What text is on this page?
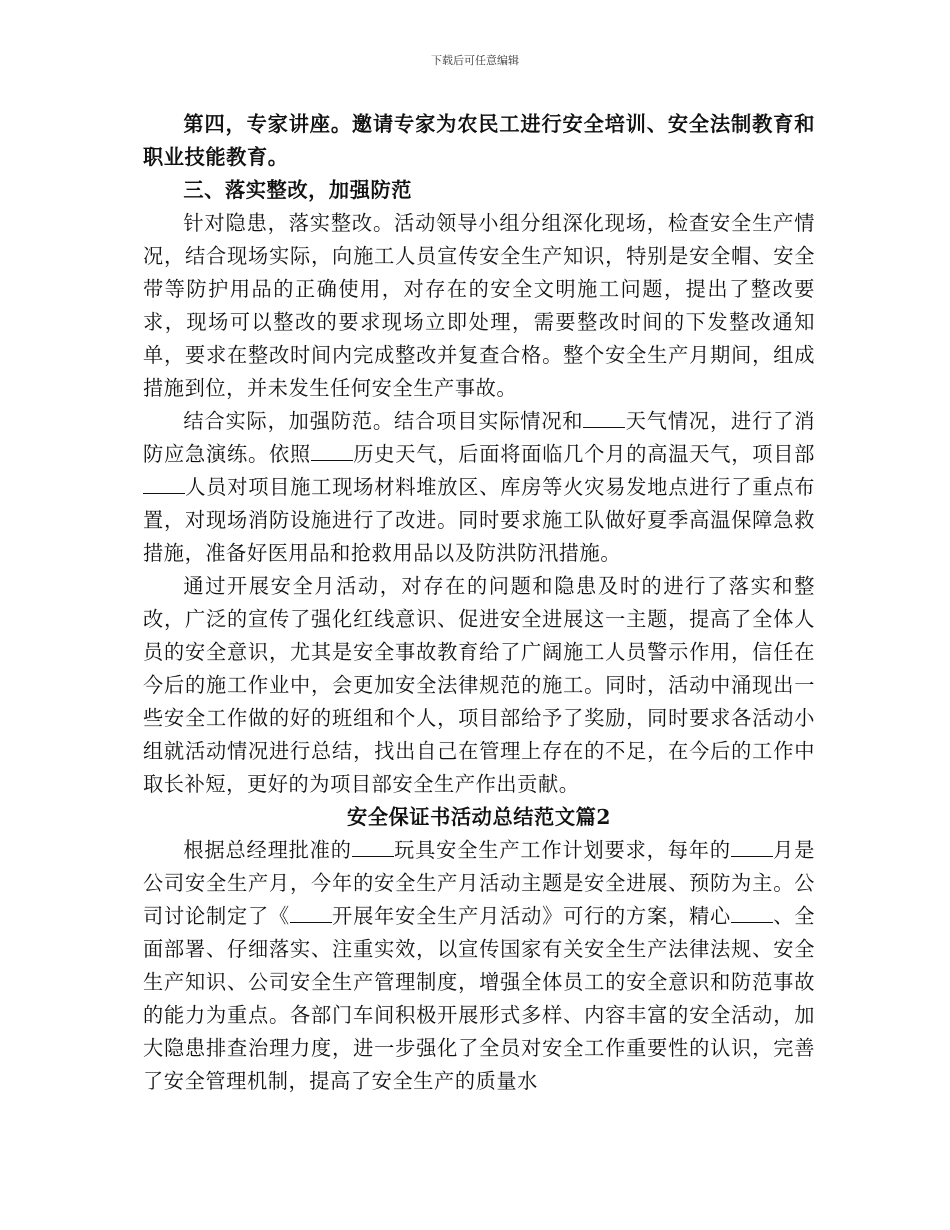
下载后可任意编辑

第四，专家讲座。邀请专家为农民工进行安全培训、安全法制教育和职业技能教育。

三、落实整改，加强防范

针对隐患，落实整改。活动领导小组分组深化现场，检查安全生产情况，结合现场实际，向施工人员宣传安全生产知识，特别是安全帽、安全带等防护用品的正确使用，对存在的安全文明施工问题，提出了整改要求，现场可以整改的要求现场立即处理，需要整改时间的下发整改通知单，要求在整改时间内完成整改并复查合格。整个安全生产月期间，组成措施到位，并未发生任何安全生产事故。

结合实际，加强防范。结合项目实际情况和 天气情况，进行了消防应急演练。依照 历史天气，后面将面临几个月的高温天气，项目部人员对项目施工现场材料堆放区、库房等火灾易发地点进行了重点布置，对现场消防设施进行了改进。同时要求施工队做好夏季高温保障急救措施，准备好医用品和抢救用品以及防洪防汛措施。

通过开展安全月活动，对存在的问题和隐患及时的进行了落实和整改，广泛的宣传了强化红线意识、促进安全进展这一主题，提高了全体人员的安全意识，尤其是安全事故教育给了广阔施工人员警示作用，信任在今后的施工作业中，会更加安全法律规范的施工。同时，活动中涌现出一些安全工作做的好的班组和个人，项目部给予了奖励，同时要求各活动小组就活动情况进行总结，找出自己在管理上存在的不足，在今后的工作中取长补短，更好的为项目部安全生产作出贡献。

安全保证书活动总结范文篇2

根据总经理批准的 玩具安全生产工作计划要求，每年的 月是公司安全生产月，今年的安全生产月活动主题是安全进展、预防为主。公司讨论制定了《 开展年安全生产月活动》可行的方案，精心 、全面部署、仔细落实、注重实效，以宣传国家有关安全生产法律法规、安全生产知识、公司安全生产管理制度，增强全体员工的安全意识和防范事故的能力为重点。各部门车间积极开展形式多样、内容丰富的安全活动，加大隐患排查治理力度，进一步强化了全员对安全工作重要性的认识，完善了安全管理机制，提高了安全生产的质量水
